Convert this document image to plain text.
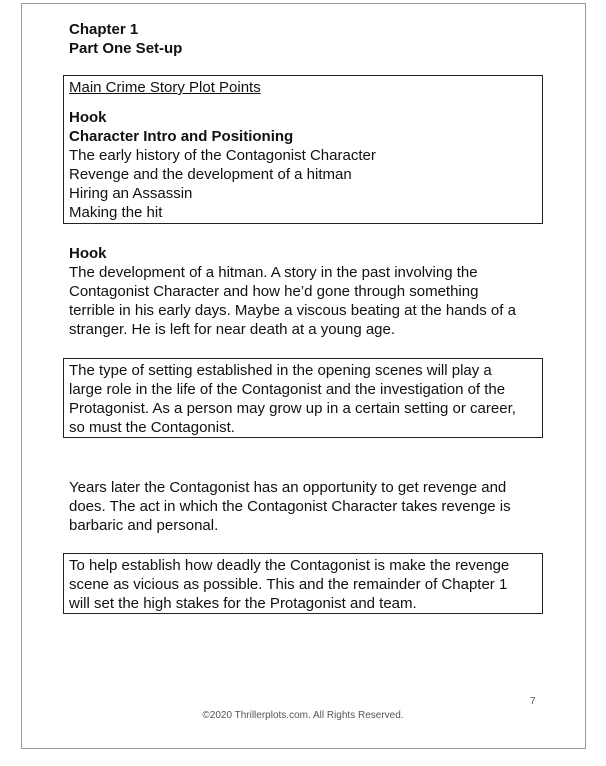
Chapter 1
Part One Set-up
Main Crime Story Plot Points
Hook
Character Intro and Positioning
The early history of the Contagonist Character
Revenge and the development of a hitman
Hiring an Assassin
Making the hit
Hook
The development of a hitman. A story in the past involving the
Contagonist Character and how he’d gone through something
terrible in his early days. Maybe a viscous beating at the hands of a
stranger. He is left for near death at a young age.
The type of setting established in the opening scenes will play a
large role in the life of the Contagonist and the investigation of the
Protagonist. As a person may grow up in a certain setting or career,
so must the Contagonist.
Years later the Contagonist has an opportunity to get revenge and
does. The act in which the Contagonist Character takes revenge is
barbaric and personal.
To help establish how deadly the Contagonist is make the revenge
scene as vicious as possible. This and the remainder of Chapter 1
will set the high stakes for the Protagonist and team.
7
©2020 Thrillerplots.com. All Rights Reserved.
